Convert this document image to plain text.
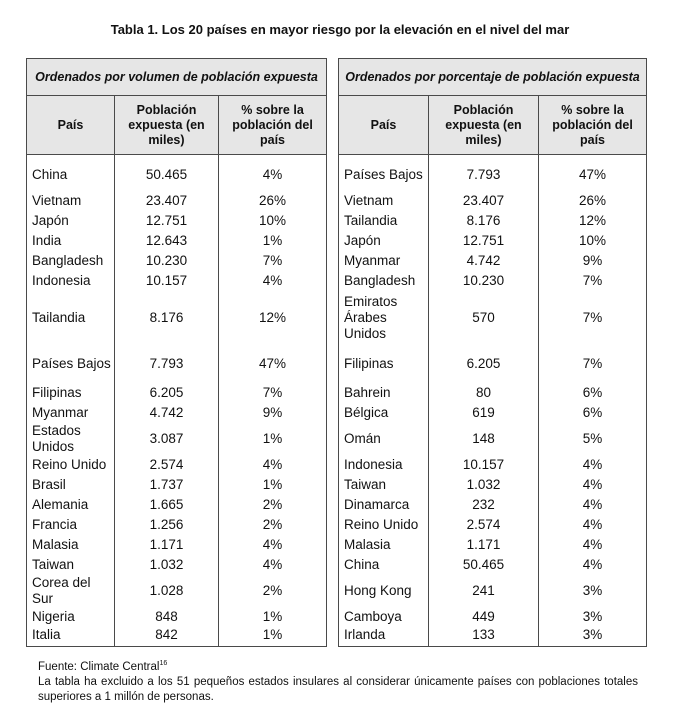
Tabla 1. Los 20 países en mayor riesgo por la elevación en el nivel del mar
Ordenados por volumen de población expuesta		
País	Población expuesta (en miles)	% sobre la población del país
China	50.465	4%
Vietnam	23.407	26%
Japón	12.751	10%
India	12.643	1%
Bangladesh	10.230	7%
Indonesia	10.157	4%
Tailandia	8.176	12%
Países Bajos	7.793	47%
Filipinas	6.205	7%
Myanmar	4.742	9%
Estados Unidos	3.087	1%
Reino Unido	2.574	4%
Brasil	1.737	1%
Alemania	1.665	2%
Francia	1.256	2%
Malasia	1.171	4%
Taiwan	1.032	4%
Corea del Sur	1.028	2%
Nigeria	848	1%
Italia	842	1%
Ordenados por porcentaje de población expuesta		
País	Población expuesta (en miles)	% sobre la población del país
Países Bajos	7.793	47%
Vietnam	23.407	26%
Tailandia	8.176	12%
Japón	12.751	10%
Myanmar	4.742	9%
Bangladesh	10.230	7%
Emiratos Árabes Unidos	570	7%
Filipinas	6.205	7%
Bahrein	80	6%
Bélgica	619	6%
Omán	148	5%
Indonesia	10.157	4%
Taiwan	1.032	4%
Dinamarca	232	4%
Reino Unido	2.574	4%
Malasia	1.171	4%
China	50.465	4%
Hong Kong	241	3%
Camboya	449	3%
Irlanda	133	3%
Fuente: Climate Central$^{16}$
La tabla ha excluido a los 51 pequeños estados insulares al considerar únicamente países con poblaciones totales superiores a 1 millón de personas.
